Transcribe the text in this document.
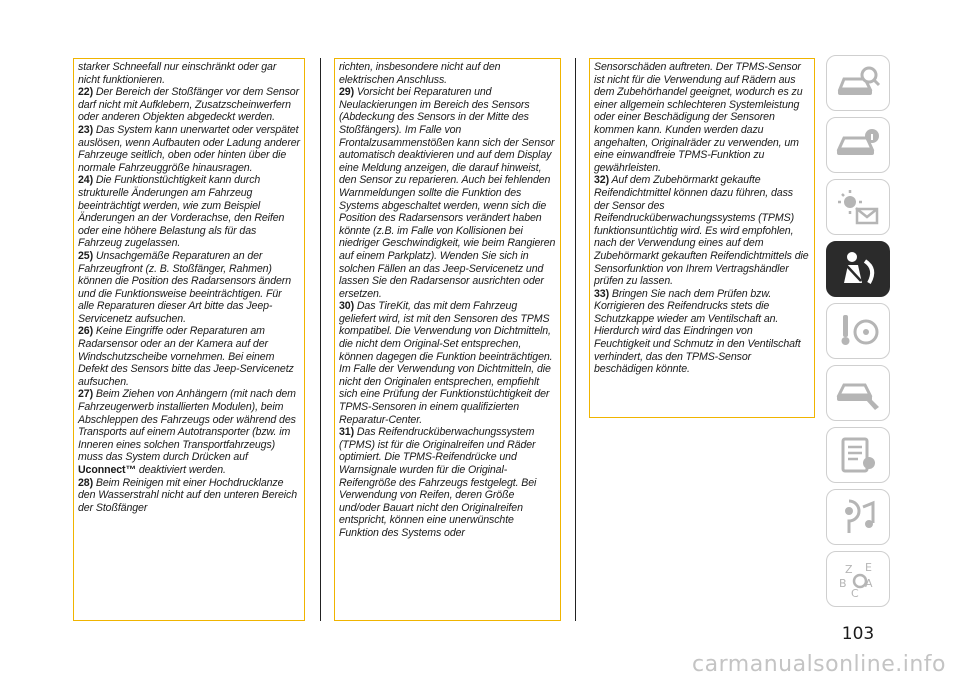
starker Schneefall nur einschränkt oder gar nicht funktionieren.

22) Der Bereich der Stoßfänger vor dem Sensor darf nicht mit Aufklebern, Zusatzscheinwerfern oder anderen Objekten abgedeckt werden.

23) Das System kann unerwartet oder verspätet auslösen, wenn Aufbauten oder Ladung anderer Fahrzeuge seitlich, oben oder hinten über die normale Fahrzeuggröße hinausragen.

24) Die Funktionstüchtigkeit kann durch strukturelle Änderungen am Fahrzeug beeinträchtigt werden, wie zum Beispiel Änderungen an der Vorderachse, den Reifen oder eine höhere Belastung als für das Fahrzeug zugelassen.

25) Unsachgemäße Reparaturen an der Fahrzeugfront (z. B. Stoßfänger, Rahmen) können die Position des Radarsensors ändern und die Funktionsweise beeinträchtigen. Für alle Reparaturen dieser Art bitte das Jeep-Servicenetz aufsuchen.

26) Keine Eingriffe oder Reparaturen am Radarsensor oder an der Kamera auf der Windschutzscheibe vornehmen. Bei einem Defekt des Sensors bitte das Jeep-Servicenetz aufsuchen.

27) Beim Ziehen von Anhängern (mit nach dem Fahrzeugerwerb installierten Modulen), beim Abschleppen des Fahrzeugs oder während des Transports auf einem Autotransporter (bzw. im Inneren eines solchen Transportfahrzeugs) muss das System durch Drücken auf Uconnect™ deaktiviert werden.

28) Beim Reinigen mit einer Hochdrucklanze den Wasserstrahl nicht auf den unteren Bereich der Stoßfänger

richten, insbesondere nicht auf den elektrischen Anschluss.

29) Vorsicht bei Reparaturen und Neulackierungen im Bereich des Sensors (Abdeckung des Sensors in der Mitte des Stoßfängers). Im Falle von Frontalzusammenstößen kann sich der Sensor automatisch deaktivieren und auf dem Display eine Meldung anzeigen, die darauf hinweist, den Sensor zu reparieren. Auch bei fehlenden Warnmeldungen sollte die Funktion des Systems abgeschaltet werden, wenn sich die Position des Radarsensors verändert haben könnte (z.B. im Falle von Kollisionen bei niedriger Geschwindigkeit, wie beim Rangieren auf einem Parkplatz). Wenden Sie sich in solchen Fällen an das Jeep-Servicenetz und lassen Sie den Radarsensor ausrichten oder ersetzen.

30) Das TireKit, das mit dem Fahrzeug geliefert wird, ist mit den Sensoren des TPMS kompatibel. Die Verwendung von Dichtmitteln, die nicht dem Original-Set entsprechen, können dagegen die Funktion beeinträchtigen. Im Falle der Verwendung von Dichtmitteln, die nicht den Originalen entsprechen, empfiehlt sich eine Prüfung der Funktionstüchtigkeit der TPMS-Sensoren in einem qualifizierten Reparatur-Center.

31) Das Reifendrucküberwachungssystem (TPMS) ist für die Originalreifen und Räder optimiert. Die TPMS-Reifendrücke und Warnsignale wurden für die Original-Reifengröße des Fahrzeugs festgelegt. Bei Verwendung von Reifen, deren Größe und/oder Bauart nicht den Originalreifen entspricht, können eine unerwünschte Funktion des Systems oder

Sensorschäden auftreten. Der TPMS-Sensor ist nicht für die Verwendung auf Rädern aus dem Zubehörhandel geeignet, wodurch es zu einer allgemein schlechteren Systemleistung oder einer Beschädigung der Sensoren kommen kann. Kunden werden dazu angehalten, Originalräder zu verwenden, um eine einwandfreie TPMS-Funktion zu gewährleisten.

32) Auf dem Zubehörmarkt gekaufte Reifendichtmittel können dazu führen, dass der Sensor des Reifendrucküberwachungssystems (TPMS) funktionsuntüchtig wird. Es wird empfohlen, nach der Verwendung eines auf dem Zubehörmarkt gekauften Reifendichtmittels die Sensorfunktion von Ihrem Vertragshändler prüfen zu lassen.

33) Bringen Sie nach dem Prüfen bzw. Korrigieren des Reifendrucks stets die Schutzkappe wieder am Ventilschaft an. Hierdurch wird das Eindringen von Feuchtigkeit und Schmutz in den Ventilschaft verhindert, das den TPMS-Sensor beschädigen könnte.

Z E
B A
C
103
carmanualsonline.info
